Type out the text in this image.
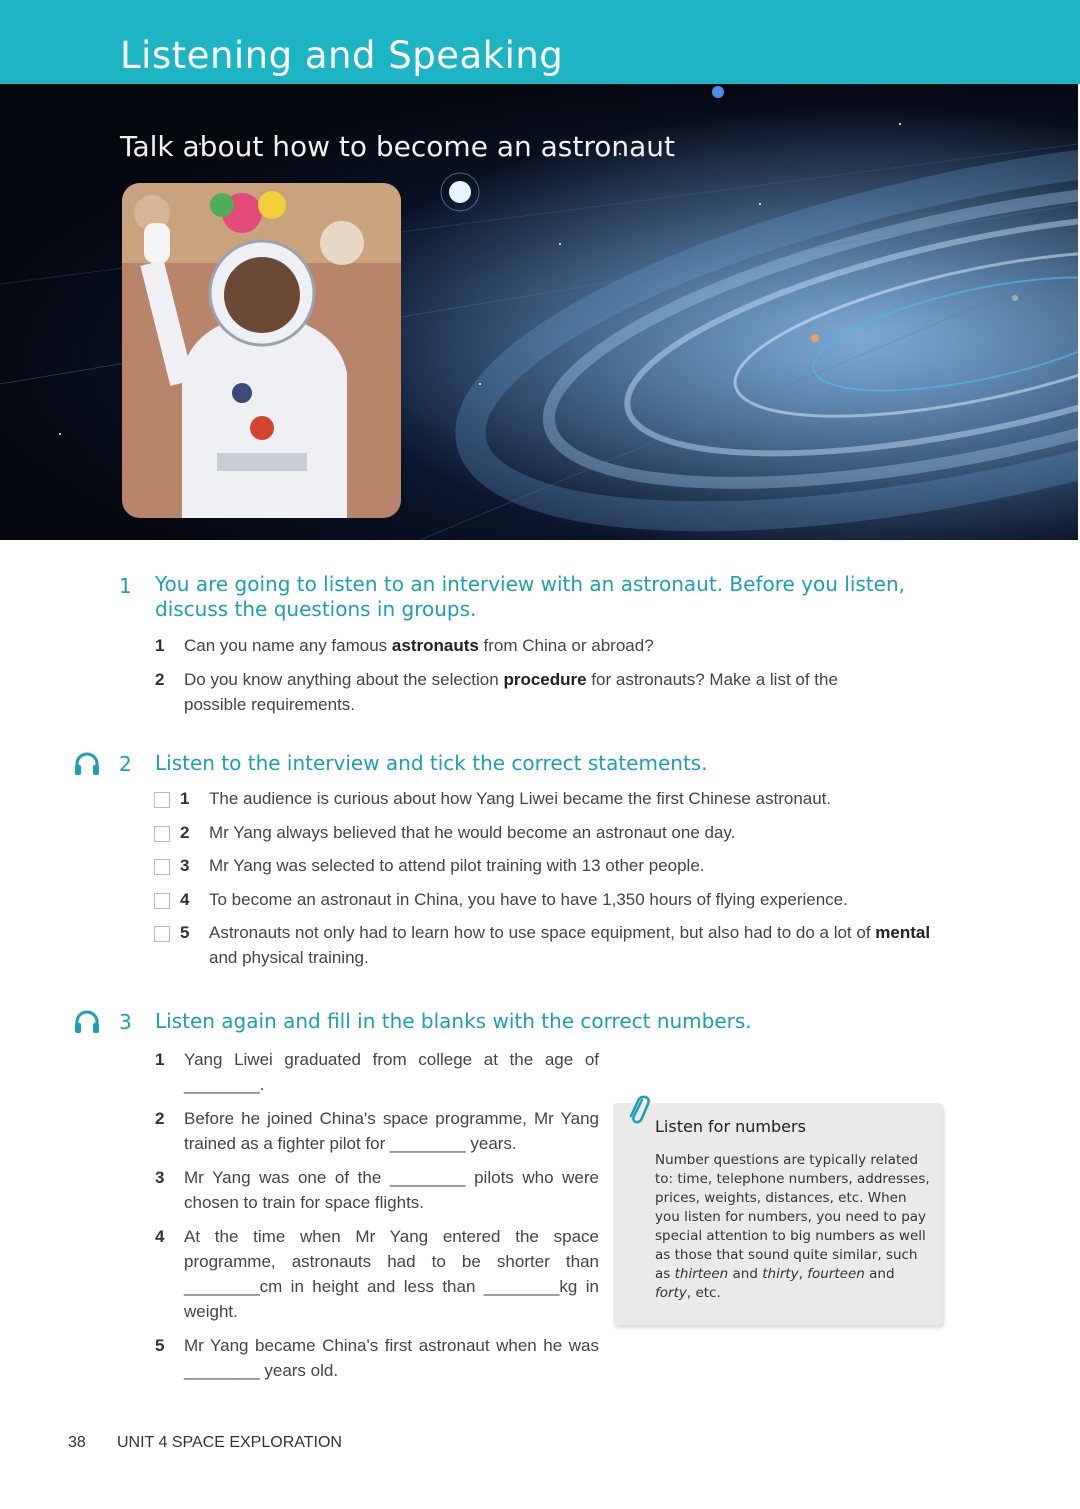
Listening and Speaking
Talk about how to become an astronaut
1 You are going to listen to an interview with an astronaut. Before you listen, discuss the questions in groups.
1 Can you name any famous astronauts from China or abroad?
2 Do you know anything about the selection procedure for astronauts? Make a list of the possible requirements.
2 Listen to the interview and tick the correct statements.
1 The audience is curious about how Yang Liwei became the first Chinese astronaut.
2 Mr Yang always believed that he would become an astronaut one day.
3 Mr Yang was selected to attend pilot training with 13 other people.
4 To become an astronaut in China, you have to have 1,350 hours of flying experience.
5 Astronauts not only had to learn how to use space equipment, but also had to do a lot of mental and physical training.
3 Listen again and fill in the blanks with the correct numbers.
1 Yang Liwei graduated from college at the age of ________.
2 Before he joined China's space programme, Mr Yang trained as a fighter pilot for ________ years.
3 Mr Yang was one of the ________ pilots who were chosen to train for space flights.
4 At the time when Mr Yang entered the space programme, astronauts had to be shorter than ________cm in height and less than ________kg in weight.
5 Mr Yang became China's first astronaut when he was ________ years old.
Listen for numbers
Number questions are typically related to: time, telephone numbers, addresses, prices, weights, distances, etc. When you listen for numbers, you need to pay special attention to big numbers as well as those that sound quite similar, such as thirteen and thirty, fourteen and forty, etc.
38 UNIT 4 SPACE EXPLORATION
